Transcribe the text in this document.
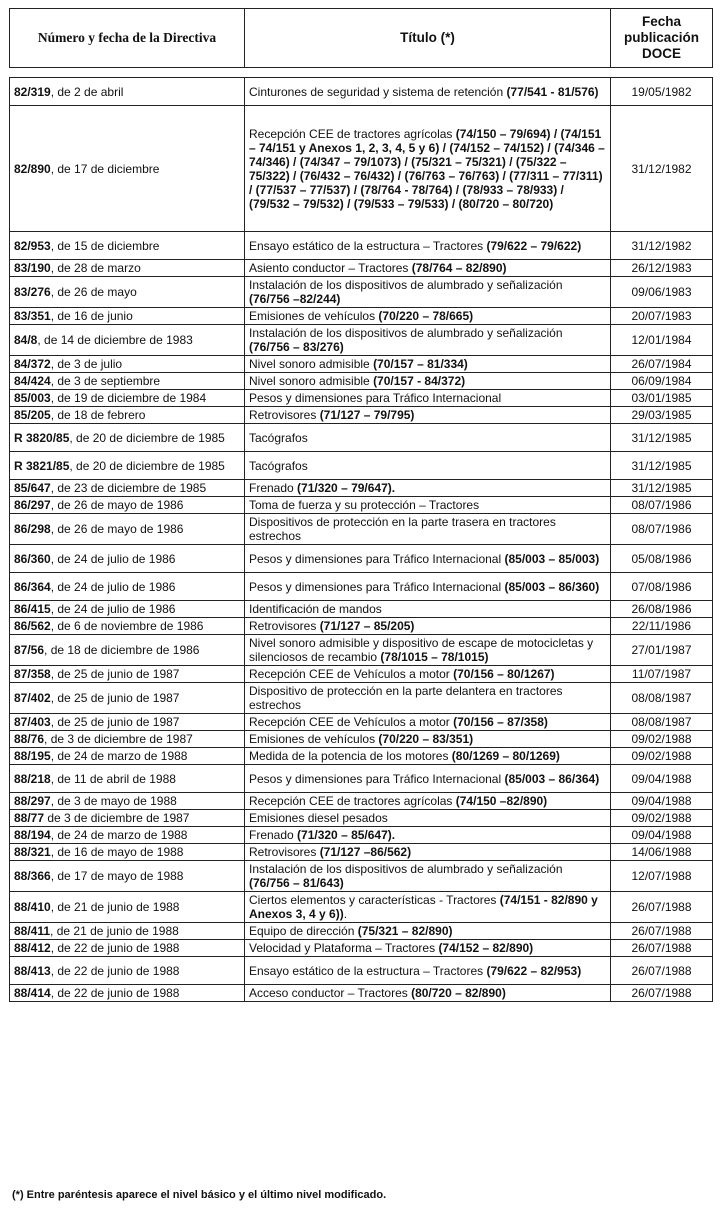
Número y fecha de la Directiva	Título (*)	Fecha
publicación
DOCE
82/319, de 2 de abril	Cinturones de seguridad y sistema de retención (77/541 - 81/576)	19/05/1982
82/890, de 17 de diciembre	Recepción CEE de tractores agrícolas (74/150 – 79/694) / (74/151 – 74/151 y Anexos 1, 2, 3, 4, 5 y 6) / (74/152 – 74/152) / (74/346 – 74/346) / (74/347 – 79/1073) / (75/321 – 75/321) / (75/322 – 75/322) / (76/432 – 76/432) / (76/763 – 76/763) / (77/311 – 77/311) / (77/537 – 77/537) / (78/764 - 78/764) / (78/933 – 78/933) / (79/532 – 79/532) / (79/533 – 79/533) / (80/720 – 80/720)	31/12/1982
82/953, de 15 de diciembre	Ensayo estático de la estructura – Tractores (79/622 – 79/622)	31/12/1982
83/190, de 28 de marzo	Asiento conductor – Tractores (78/764 – 82/890)	26/12/1983
83/276, de 26 de mayo	Instalación de los dispositivos de alumbrado y señalización (76/756 –82/244)	09/06/1983
83/351, de 16 de junio	Emisiones de vehículos (70/220 – 78/665)	20/07/1983
84/8, de 14 de diciembre de 1983	Instalación de los dispositivos de alumbrado y señalización (76/756 – 83/276)	12/01/1984
84/372, de 3 de julio	Nivel sonoro admisible (70/157 – 81/334)	26/07/1984
84/424, de 3 de septiembre	Nivel sonoro admisible (70/157 - 84/372)	06/09/1984
85/003, de 19 de diciembre de 1984	Pesos y dimensiones para Tráfico Internacional	03/01/1985
85/205, de 18 de febrero	Retrovisores (71/127 – 79/795)	29/03/1985
R 3820/85, de 20 de diciembre de 1985	Tacógrafos	31/12/1985
R 3821/85, de 20 de diciembre de 1985	Tacógrafos	31/12/1985
85/647, de 23 de diciembre de 1985	Frenado (71/320 – 79/647).	31/12/1985
86/297, de 26 de mayo de 1986	Toma de fuerza y su protección – Tractores	08/07/1986
86/298, de 26 de mayo de 1986	Dispositivos de protección en la parte trasera en tractores estrechos	08/07/1986
86/360, de 24 de julio de 1986	Pesos y dimensiones para Tráfico Internacional (85/003 – 85/003)	05/08/1986
86/364, de 24 de julio de 1986	Pesos y dimensiones para Tráfico Internacional (85/003 – 86/360)	07/08/1986
86/415, de 24 de julio de 1986	Identificación de mandos	26/08/1986
86/562, de 6 de noviembre de 1986	Retrovisores (71/127 – 85/205)	22/11/1986
87/56, de 18 de diciembre de 1986	Nivel sonoro admisible y dispositivo de escape de motocicletas y silenciosos de recambio (78/1015 – 78/1015)	27/01/1987
87/358, de 25 de junio de 1987	Recepción CEE de Vehículos a motor (70/156 – 80/1267)	11/07/1987
87/402, de 25 de junio de 1987	Dispositivo de protección en la parte delantera en tractores estrechos	08/08/1987
87/403, de 25 de junio de 1987	Recepción CEE de Vehículos a motor (70/156 – 87/358)	08/08/1987
88/76, de 3 de diciembre de 1987	Emisiones de vehículos (70/220 – 83/351)	09/02/1988
88/195, de 24 de marzo de 1988	Medida de la potencia de los motores (80/1269 – 80/1269)	09/02/1988
88/218, de 11 de abril de 1988	Pesos y dimensiones para Tráfico Internacional (85/003 – 86/364)	09/04/1988
88/297, de 3 de mayo de 1988	Recepción CEE de tractores agrícolas (74/150 –82/890)	09/04/1988
88/77 de 3 de diciembre de 1987	Emisiones diesel pesados	09/02/1988
88/194, de 24 de marzo de 1988	Frenado (71/320 – 85/647).	09/04/1988
88/321, de 16 de mayo de 1988	Retrovisores (71/127 –86/562)	14/06/1988
88/366, de 17 de mayo de 1988	Instalación de los dispositivos de alumbrado y señalización (76/756 – 81/643)	12/07/1988
88/410, de 21 de junio de 1988	Ciertos elementos y características - Tractores (74/151 - 82/890 y Anexos 3, 4 y 6)).	26/07/1988
88/411, de 21 de junio de 1988	Equipo de dirección (75/321 – 82/890)	26/07/1988
88/412, de 22 de junio de 1988	Velocidad y Plataforma – Tractores (74/152 – 82/890)	26/07/1988
88/413, de 22 de junio de 1988	Ensayo estático de la estructura – Tractores (79/622 – 82/953)	26/07/1988
88/414, de 22 de junio de 1988	Acceso conductor – Tractores (80/720 – 82/890)	26/07/1988
(*) Entre paréntesis aparece el nivel básico y el último nivel modificado.
